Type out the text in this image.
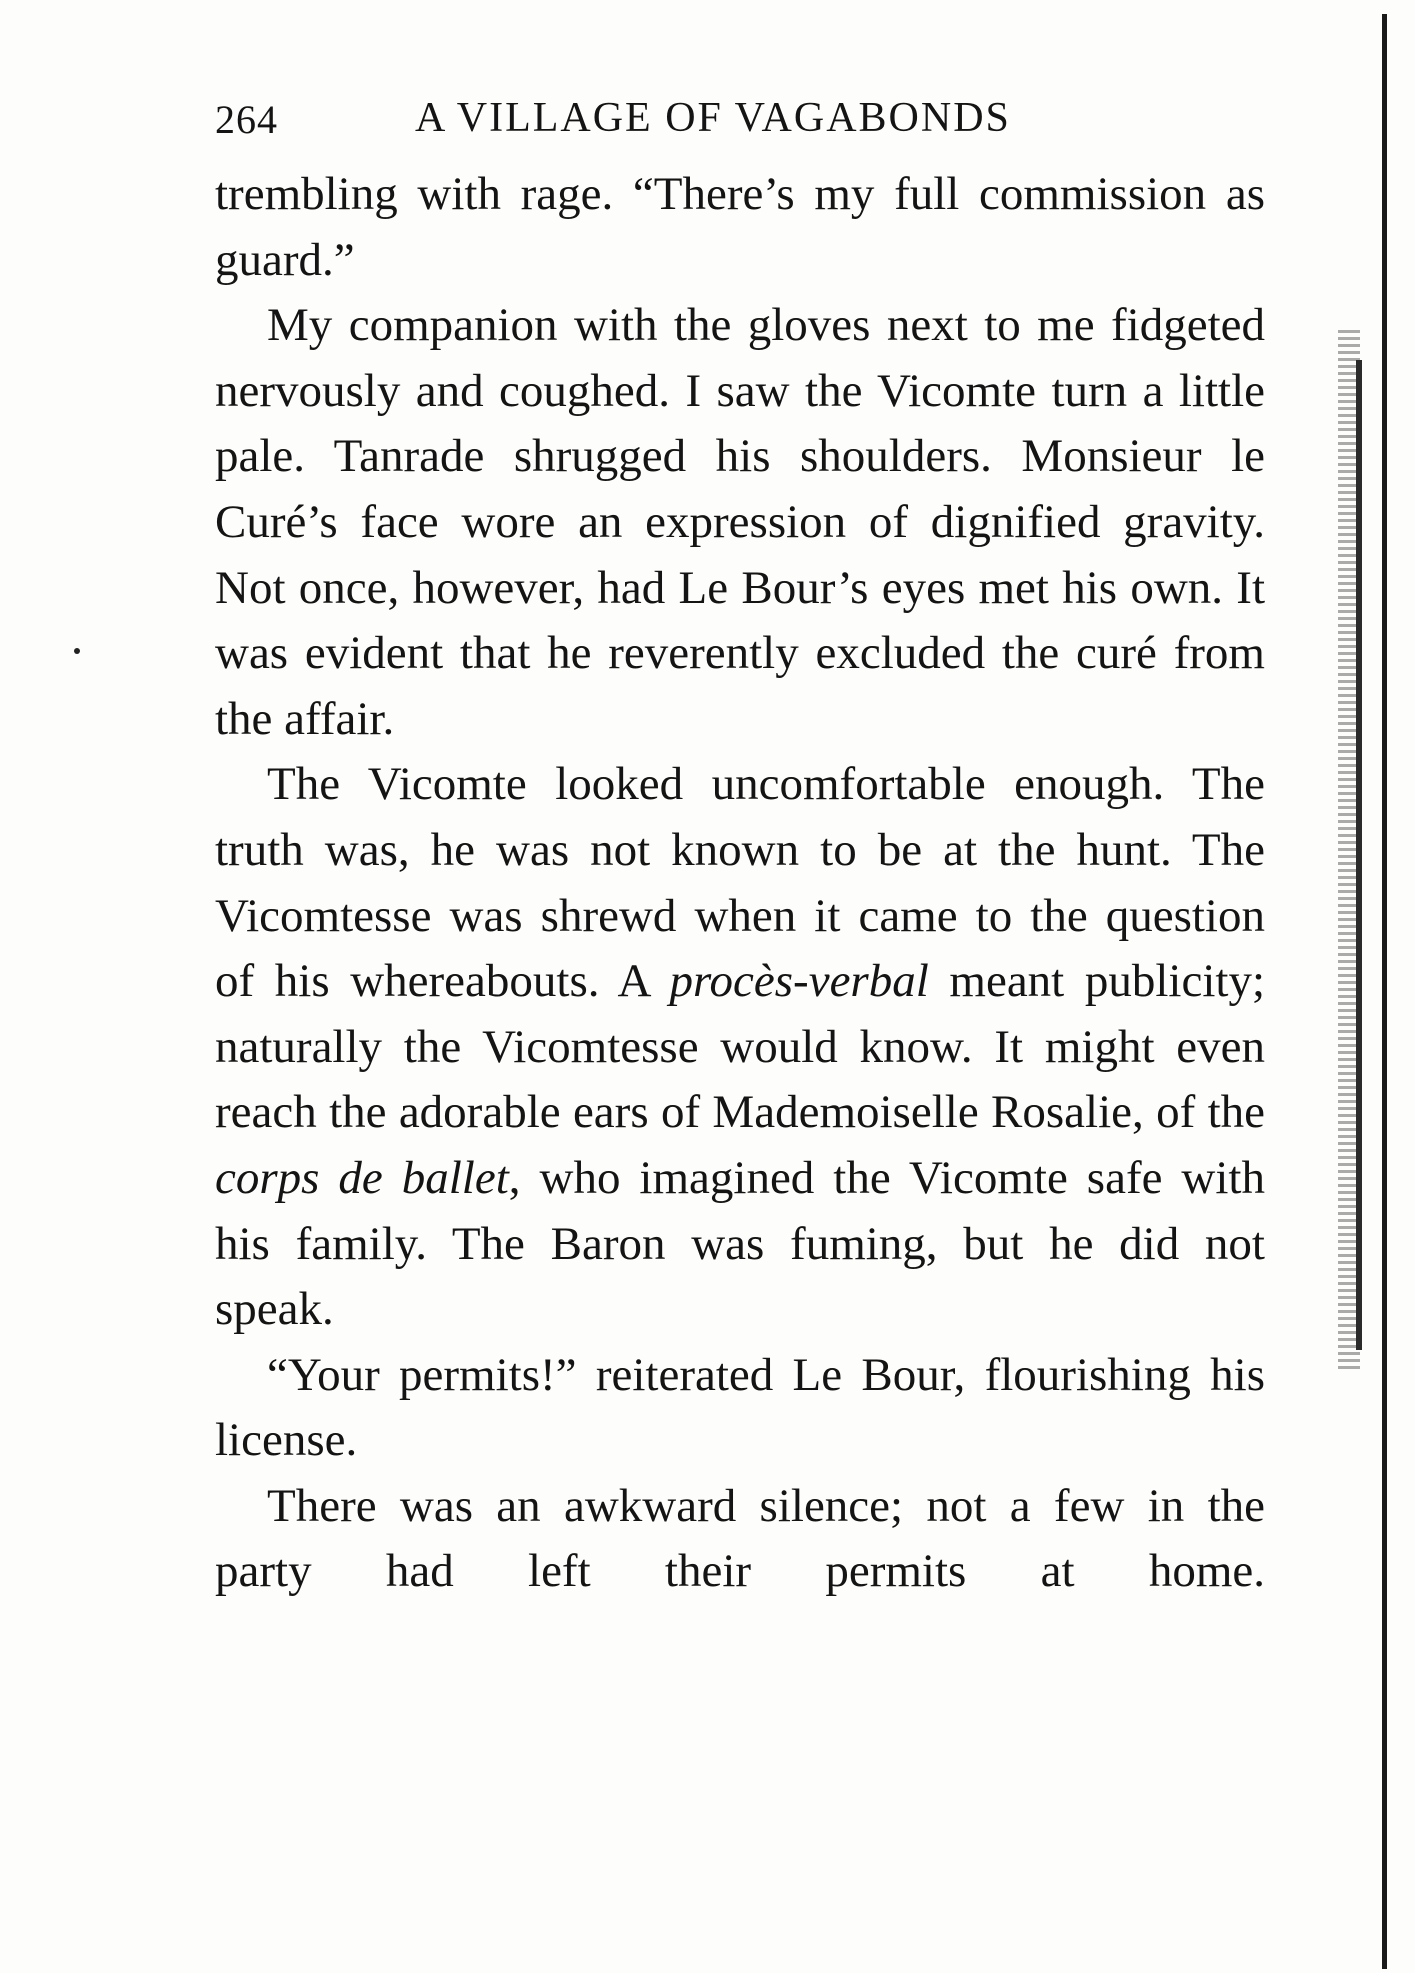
264	A VILLAGE OF VAGABONDS

trembling with rage. “There’s my full commission as guard.”

My companion with the gloves next to me fidgeted nervously and coughed. I saw the Vicomte turn a little pale. Tanrade shrugged his shoulders. Monsieur le Curé’s face wore an expression of dignified gravity. Not once, however, had Le Bour’s eyes met his own. It was evident that he reverently excluded the curé from the affair.

The Vicomte looked uncomfortable enough. The truth was, he was not known to be at the hunt. The Vicomtesse was shrewd when it came to the question of his whereabouts. A procès-verbal meant publicity; naturally the Vicomtesse would know. It might even reach the adorable ears of Mademoiselle Rosalie, of the corps de ballet, who imagined the Vicomte safe with his family. The Baron was fuming, but he did not speak.

“Your permits!” reiterated Le Bour, flourishing his license.

There was an awkward silence; not a few in the party had left their permits at home.
